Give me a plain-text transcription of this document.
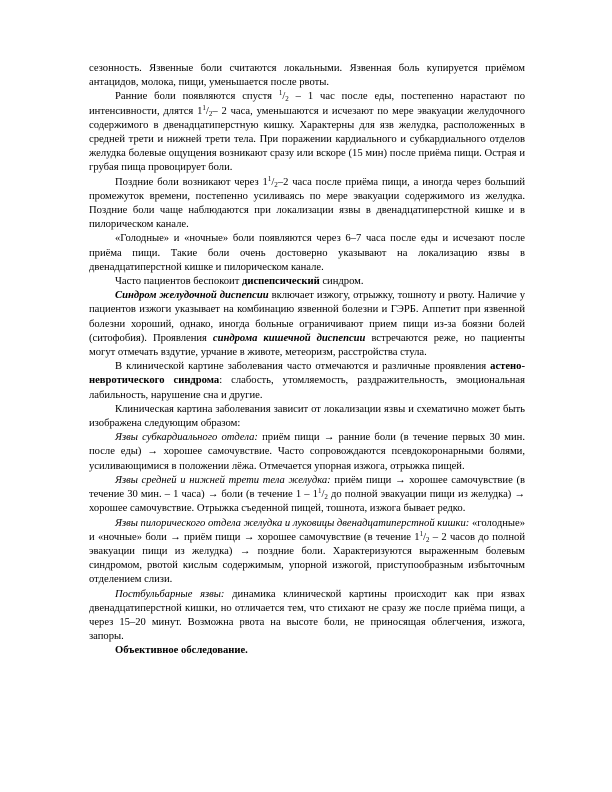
сезонность. Язвенные боли считаются локальными. Язвенная боль купируется приёмом антацидов, молока, пищи, уменьшается после рвоты.

Ранние боли появляются спустя $^1/_2 - 1$ час после еды, постепенно нарастают по интенсивности, длятся $1^1/_2-$ 2 часа, уменьшаются и исчезают по мере эвакуации желудочного содержимого в двенадцатиперстную кишку. Характерны для язв желудка, расположенных в средней трети и нижней трети тела. При поражении кардиального и субкардиального отделов желудка болевые ощущения возникают сразу или вскоре (15 мин) после приёма пищи. Острая и грубая пища провоцирует боли.

Поздние боли возникают через $1^1/_2-2$ часа после приёма пищи, а иногда через больший промежуток времени, постепенно усиливаясь по мере эвакуации содержимого из желудка. Поздние боли чаще наблюдаются при локализации язвы в двенадцатиперстной кишке и в пилорическом канале.

«Голодные» и «ночные» боли появляются через 6–7 часа после еды и исчезают после приёма пищи. Такие боли очень достоверно указывают на локализацию язвы в двенадцатиперстной кишке и пилорическом канале.

Часто пациентов беспокоит диспепсический синдром.

Синдром желудочной диспепсии включает изжогу, отрыжку, тошноту и рвоту. Наличие у пациентов изжоги указывает на комбинацию язвенной болезни и ГЭРБ. Аппетит при язвенной болезни хороший, однако, иногда больные ограничивают прием пищи из-за боязни болей (ситофобия). Проявления синдрома кишечной диспепсии встречаются реже, но пациенты могут отмечать вздутие, урчание в животе, метеоризм, расстройства стула.

В клинической картине заболевания часто отмечаются и различные проявления астено-невротического синдрома: слабость, утомляемость, раздражительность, эмоциональная лабильность, нарушение сна и другие.

Клиническая картина заболевания зависит от локализации язвы и схематично может быть изображена следующим образом:

Язвы субкардиального отдела: приём пищи → ранние боли (в течение первых 30 мин. после еды) → хорошее самочувствие. Часто сопровождаются псевдокоронарными болями, усиливающимися в положении лёжа. Отмечается упорная изжога, отрыжка пищей.

Язвы средней и нижней трети тела желудка: приём пищи → хорошее самочувствие (в течение 30 мин. – 1 часа) → боли (в течение $1 - 1^1/_2$ до полной эвакуации пищи из желудка) → хорошее самочувствие. Отрыжка съеденной пищей, тошнота, изжога бывает редко.

Язвы пилорического отдела желудка и луковицы двенадцатиперстной кишки: «голодные» и «ночные» боли → приём пищи → хорошее самочувствие (в течение $1^1/_2 - 2$ часов до полной эвакуации пищи из желудка) → поздние боли. Характеризуются выраженным болевым синдромом, рвотой кислым содержимым, упорной изжогой, приступообразным избыточным отделением слизи.

Постбульбарные язвы: динамика клинической картины происходит как при язвах двенадцатиперстной кишки, но отличается тем, что стихают не сразу же после приёма пищи, а через 15–20 минут. Возможна рвота на высоте боли, не приносящая облегчения, изжога, запоры.

Объективное обследование.
